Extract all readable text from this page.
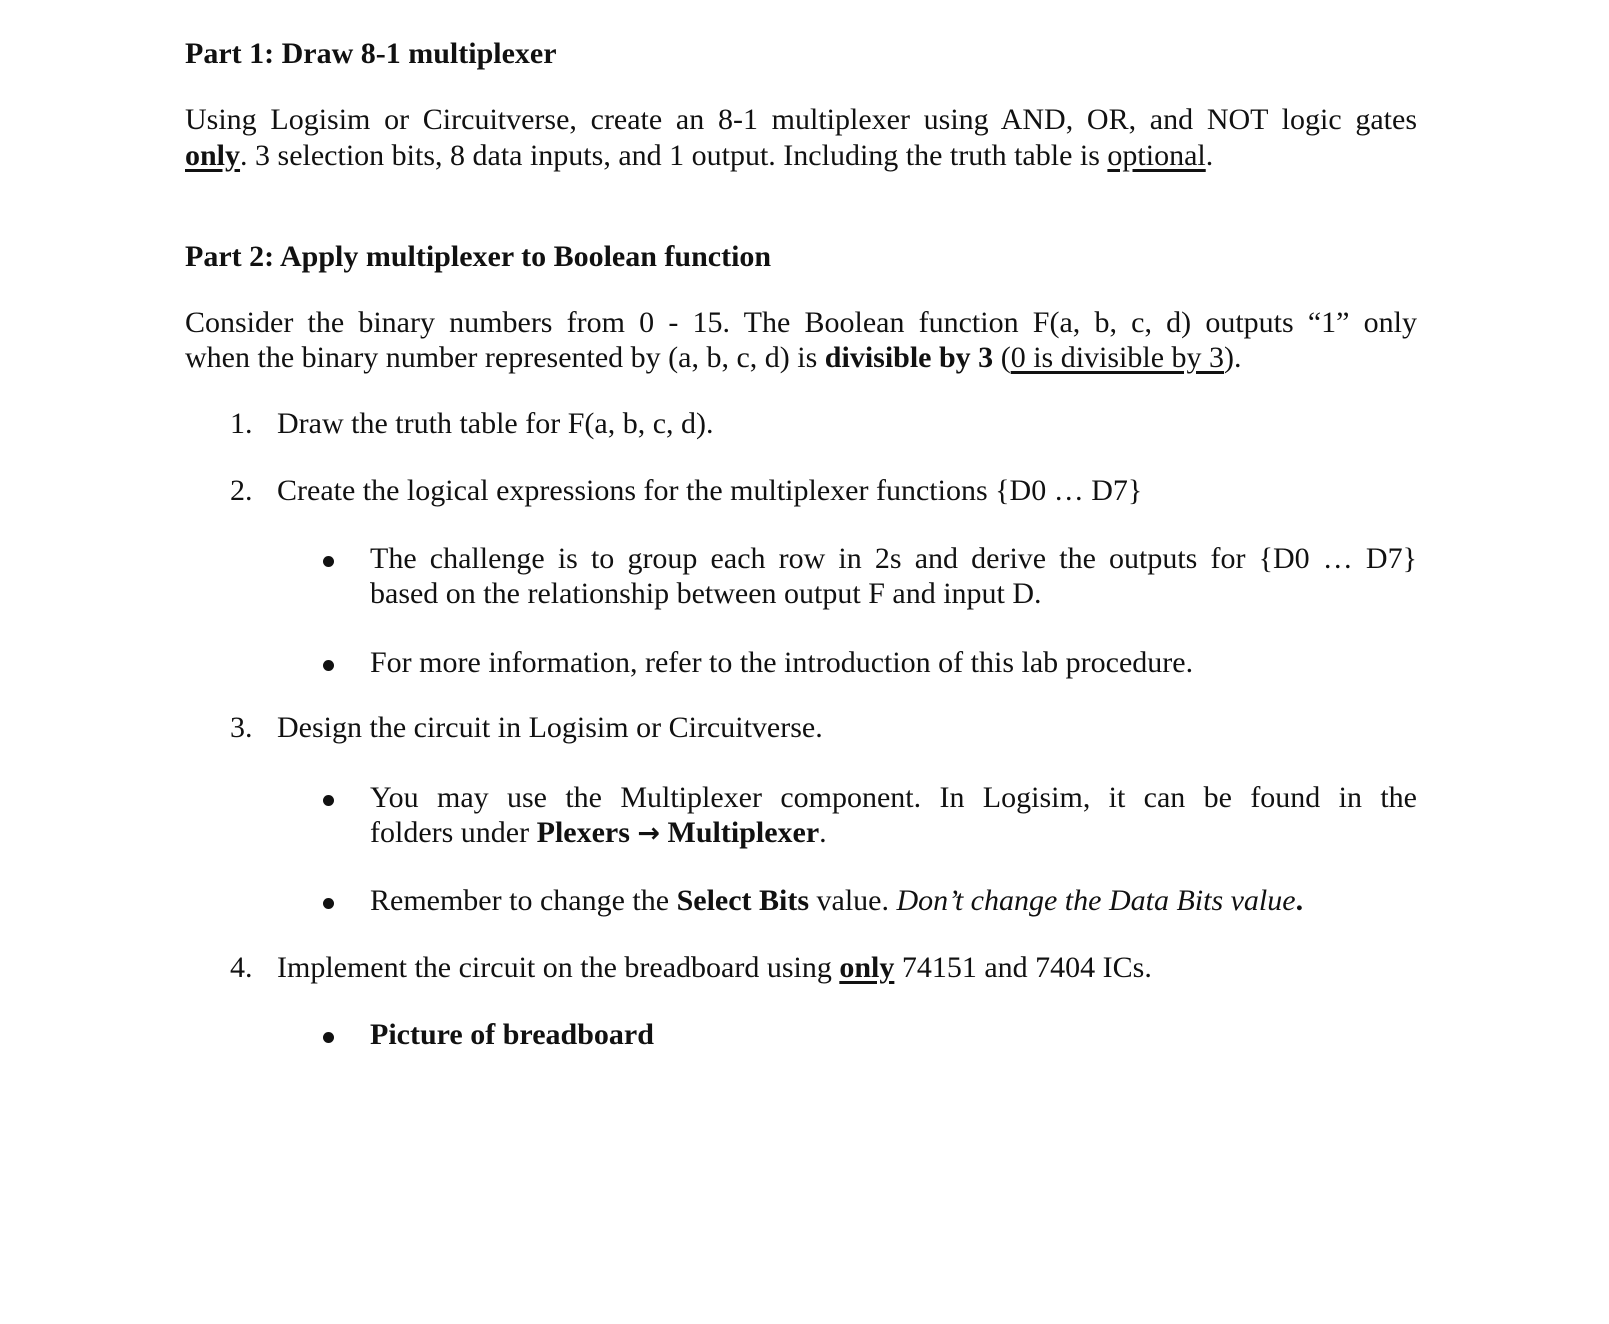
Part 1: Draw 8-1 multiplexer
Using Logisim or Circuitverse, create an 8-1 multiplexer using AND, OR, and NOT logic gates
only. 3 selection bits, 8 data inputs, and 1 output. Including the truth table is optional.
Part 2: Apply multiplexer to Boolean function
Consider the binary numbers from 0 - 15. The Boolean function F(a, b, c, d) outputs “1” only
when the binary number represented by (a, b, c, d) is divisible by 3 (0 is divisible by 3).
1. Draw the truth table for F(a, b, c, d).
2. Create the logical expressions for the multiplexer functions {D0 … D7}
The challenge is to group each row in 2s and derive the outputs for {D0 … D7}
based on the relationship between output F and input D.
For more information, refer to the introduction of this lab procedure.
3. Design the circuit in Logisim or Circuitverse.
You may use the Multiplexer component. In Logisim, it can be found in the
folders under Plexers → Multiplexer.
Remember to change the Select Bits value. Don’t change the Data Bits value.
4. Implement the circuit on the breadboard using only 74151 and 7404 ICs.
Picture of breadboard
